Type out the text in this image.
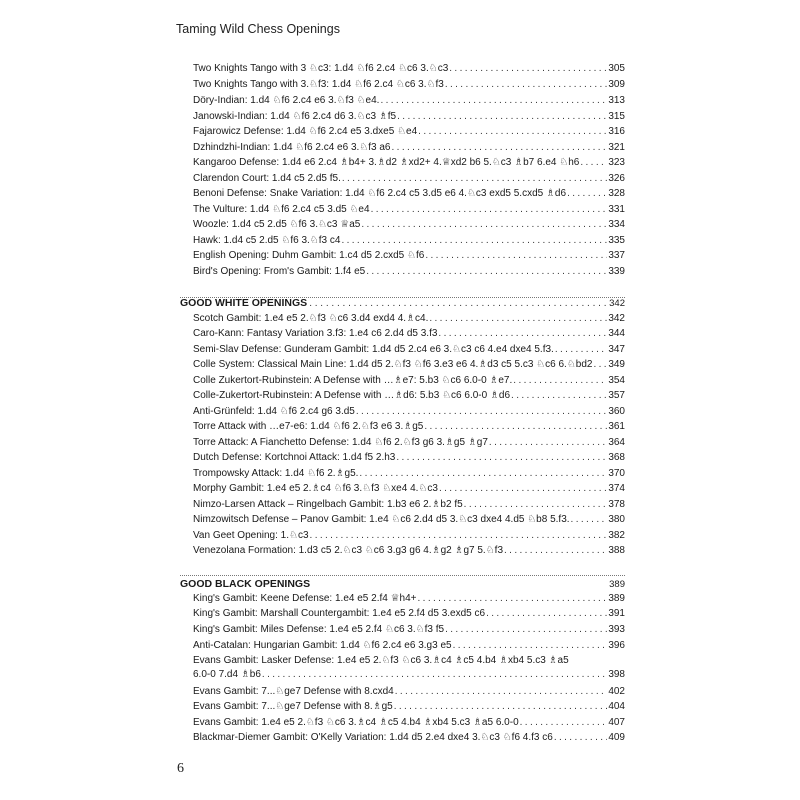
Taming Wild Chess Openings
Two Knights Tango with 3 ♘c3: 1.d4 ♘f6 2.c4 ♘c6 3.♘c3 . . .	305
Two Knights Tango with 3.♘f3: 1.d4 ♘f6 2.c4 ♘c6 3.♘f3 . . .	309
Döry-Indian: 1.d4 ♘f6 2.c4 e6 3.♘f3 ♘e4. . . .	313
Janowski-Indian: 1.d4 ♘f6 2.c4 d6 3.♘c3 ♗f5 . . .	315
Fajarowicz Defense: 1.d4 ♘f6 2.c4 e5 3.dxe5 ♘e4 . . .	316
Dzhindzhi-Indian: 1.d4 ♘f6 2.c4 e6 3.♘f3 a6 . . .	321
Kangaroo Defense: 1.d4 e6 2.c4 ♗b4+ 3.♗d2 ♗xd2+ 4.♕xd2 b6 5.♘c3 ♗b7 6.e4 ♘h6 . . .	323
Clarendon Court: 1.d4 c5 2.d5 f5. . . .	326
Benoni Defense: Snake Variation: 1.d4 ♘f6 2.c4 c5 3.d5 e6 4.♘c3 exd5 5.cxd5 ♗d6 . . .	328
The Vulture: 1.d4 ♘f6 2.c4 c5 3.d5 ♘e4 . . .	331
Woozle: 1.d4 c5 2.d5 ♘f6 3.♘c3 ♕a5 . . .	334
Hawk: 1.d4 c5 2.d5 ♘f6 3.♘f3 c4 . . .	335
English Opening: Duhm Gambit: 1.c4 d5 2.cxd5 ♘f6 . . .	337
Bird's Opening: From's Gambit: 1.f4 e5 . . .	339
GOOD WHITE OPENINGS . . .	342
Scotch Gambit: 1.e4 e5 2.♘f3 ♘c6 3.d4 exd4 4.♗c4. . . .	342
Caro-Kann: Fantasy Variation 3.f3: 1.e4 c6 2.d4 d5 3.f3 . . .	344
Semi-Slav Defense: Gunderam Gambit: 1.d4 d5 2.c4 e6 3.♘c3 c6 4.e4 dxe4 5.f3. . . .	347
Colle System: Classical Main Line: 1.d4 d5 2.♘f3 ♘f6 3.e3 e6 4.♗d3 c5 5.c3 ♘c6 6.♘bd2 . . . 349
Colle Zukertort-Rubinstein: A Defense with …♗e7: 5.b3 ♘c6 6.0-0 ♗e7. . . .	354
Colle-Zukertort-Rubinstein: A Defense with …♗d6: 5.b3 ♘c6 6.0-0 ♗d6 . . .	357
Anti-Grünfeld: 1.d4 ♘f6 2.c4 g6 3.d5 . . .	360
Torre Attack with …e7-e6: 1.d4 ♘f6 2.♘f3 e6 3.♗g5 . . .	361
Torre Attack: A Fianchetto Defense: 1.d4 ♘f6 2.♘f3 g6 3.♗g5 ♗g7 . . .	364
Dutch Defense: Kortchnoi Attack: 1.d4 f5 2.h3 . . .	368
Trompowsky Attack: 1.d4 ♘f6 2.♗g5. . . .	370
Morphy Gambit: 1.e4 e5 2.♗c4 ♘f6 3.♘f3 ♘xe4 4.♘c3 . . .	374
Nimzo-Larsen Attack – Ringelbach Gambit: 1.b3 e6 2.♗b2 f5 . . .	378
Nimzowitsch Defense – Panov Gambit: 1.e4 ♘c6 2.d4 d5 3.♘c3 dxe4 4.d5 ♘b8 5.f3. . . .	380
Van Geet Opening: 1.♘c3 . . .	382
Venezolana Formation: 1.d3 c5 2.♘c3 ♘c6 3.g3 g6 4.♗g2 ♗g7 5.♘f3 . . .	388
GOOD BLACK OPENINGS	389
King's Gambit: Keene Defense: 1.e4 e5 2.f4 ♕h4+ . . .	389
King's Gambit: Marshall Countergambit: 1.e4 e5 2.f4 d5 3.exd5 c6 . . .	391
King's Gambit: Miles Defense: 1.e4 e5 2.f4 ♘c6 3.♘f3 f5 . . .	393
Anti-Catalan: Hungarian Gambit: 1.d4 ♘f6 2.c4 e6 3.g3 e5 . . .	396
Evans Gambit: Lasker Defense: 1.e4 e5 2.♘f3 ♘c6 3.♗c4 ♗c5 4.b4 ♗xb4 5.c3 ♗a5
6.0-0 7.d4 ♗b6 . . .	398
Evans Gambit: 7...♘ge7 Defense with 8.cxd4 . . .	402
Evans Gambit: 7...♘ge7 Defense with 8.♗g5 . . .	404
Evans Gambit: 1.e4 e5 2.♘f3 ♘c6 3.♗c4 ♗c5 4.b4 ♗xb4 5.c3 ♗a5 6.0-0 . . .	407
Blackmar-Diemer Gambit: O'Kelly Variation: 1.d4 d5 2.e4 dxe4 3.♘c3 ♘f6 4.f3 c6 . . .	409
6
